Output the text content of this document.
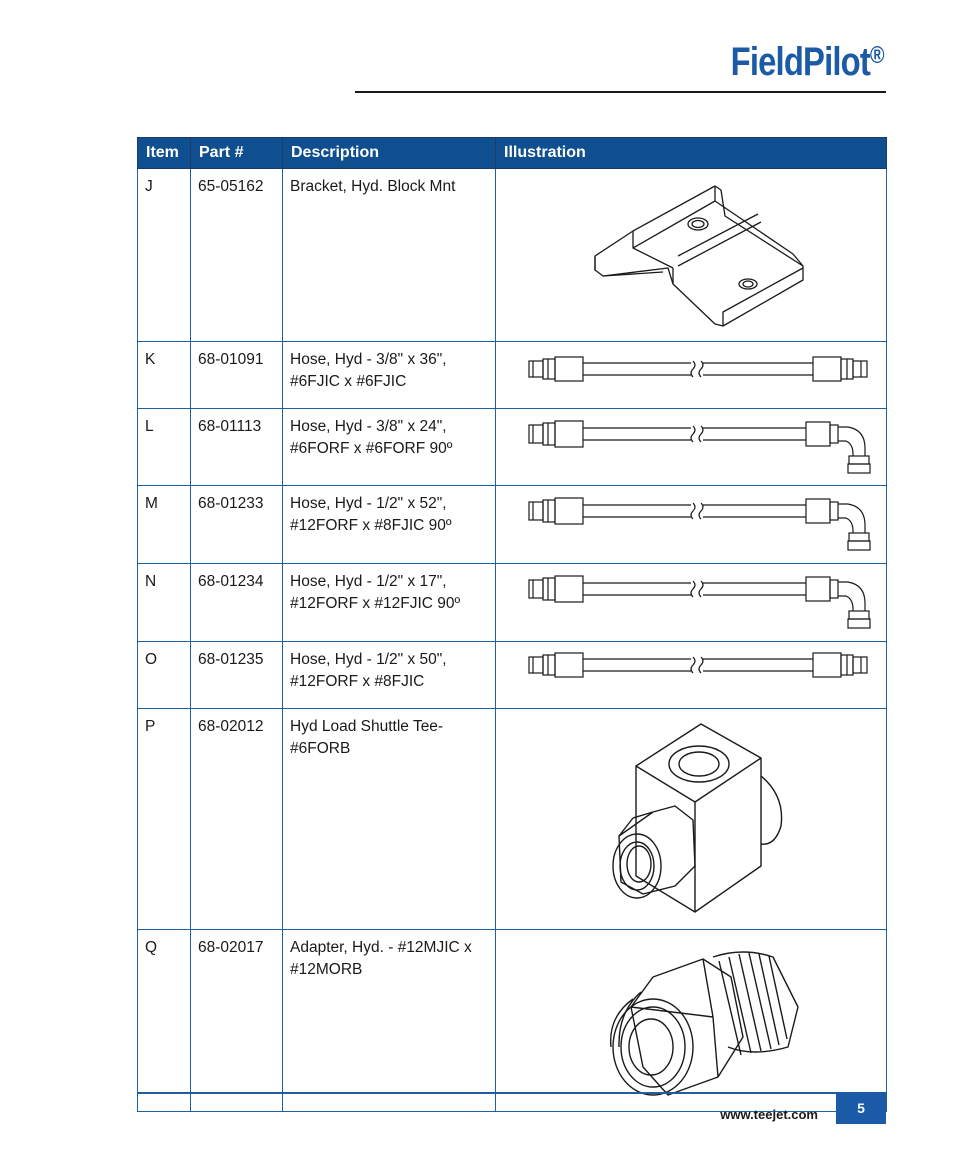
FieldPilot®
Item	Part #	Description	Illustration
J	65-05162	Bracket, Hyd. Block Mnt

K	68-01091	Hose, Hyd - 3/8" x 36",
#6FJIC x #6FJIC	

L	68-01113	Hose, Hyd - 3/8" x 24",
#6FORF x #6FORF 90º	

M	68-01233	Hose, Hyd - 1/2" x 52",
#12FORF x #8FJIC 90º	

N	68-01234	Hose, Hyd - 1/2" x 17",
#12FORF x #12FJIC 90º	

O	68-01235	Hose, Hyd - 1/2" x 50",
#12FORF x #8FJIC	

P	68-02012	Hyd Load Shuttle Tee-
#6FORB	

Q	68-02017	Adapter, Hyd. - #12MJIC x
#12MORB	
www.teejet.com	5
